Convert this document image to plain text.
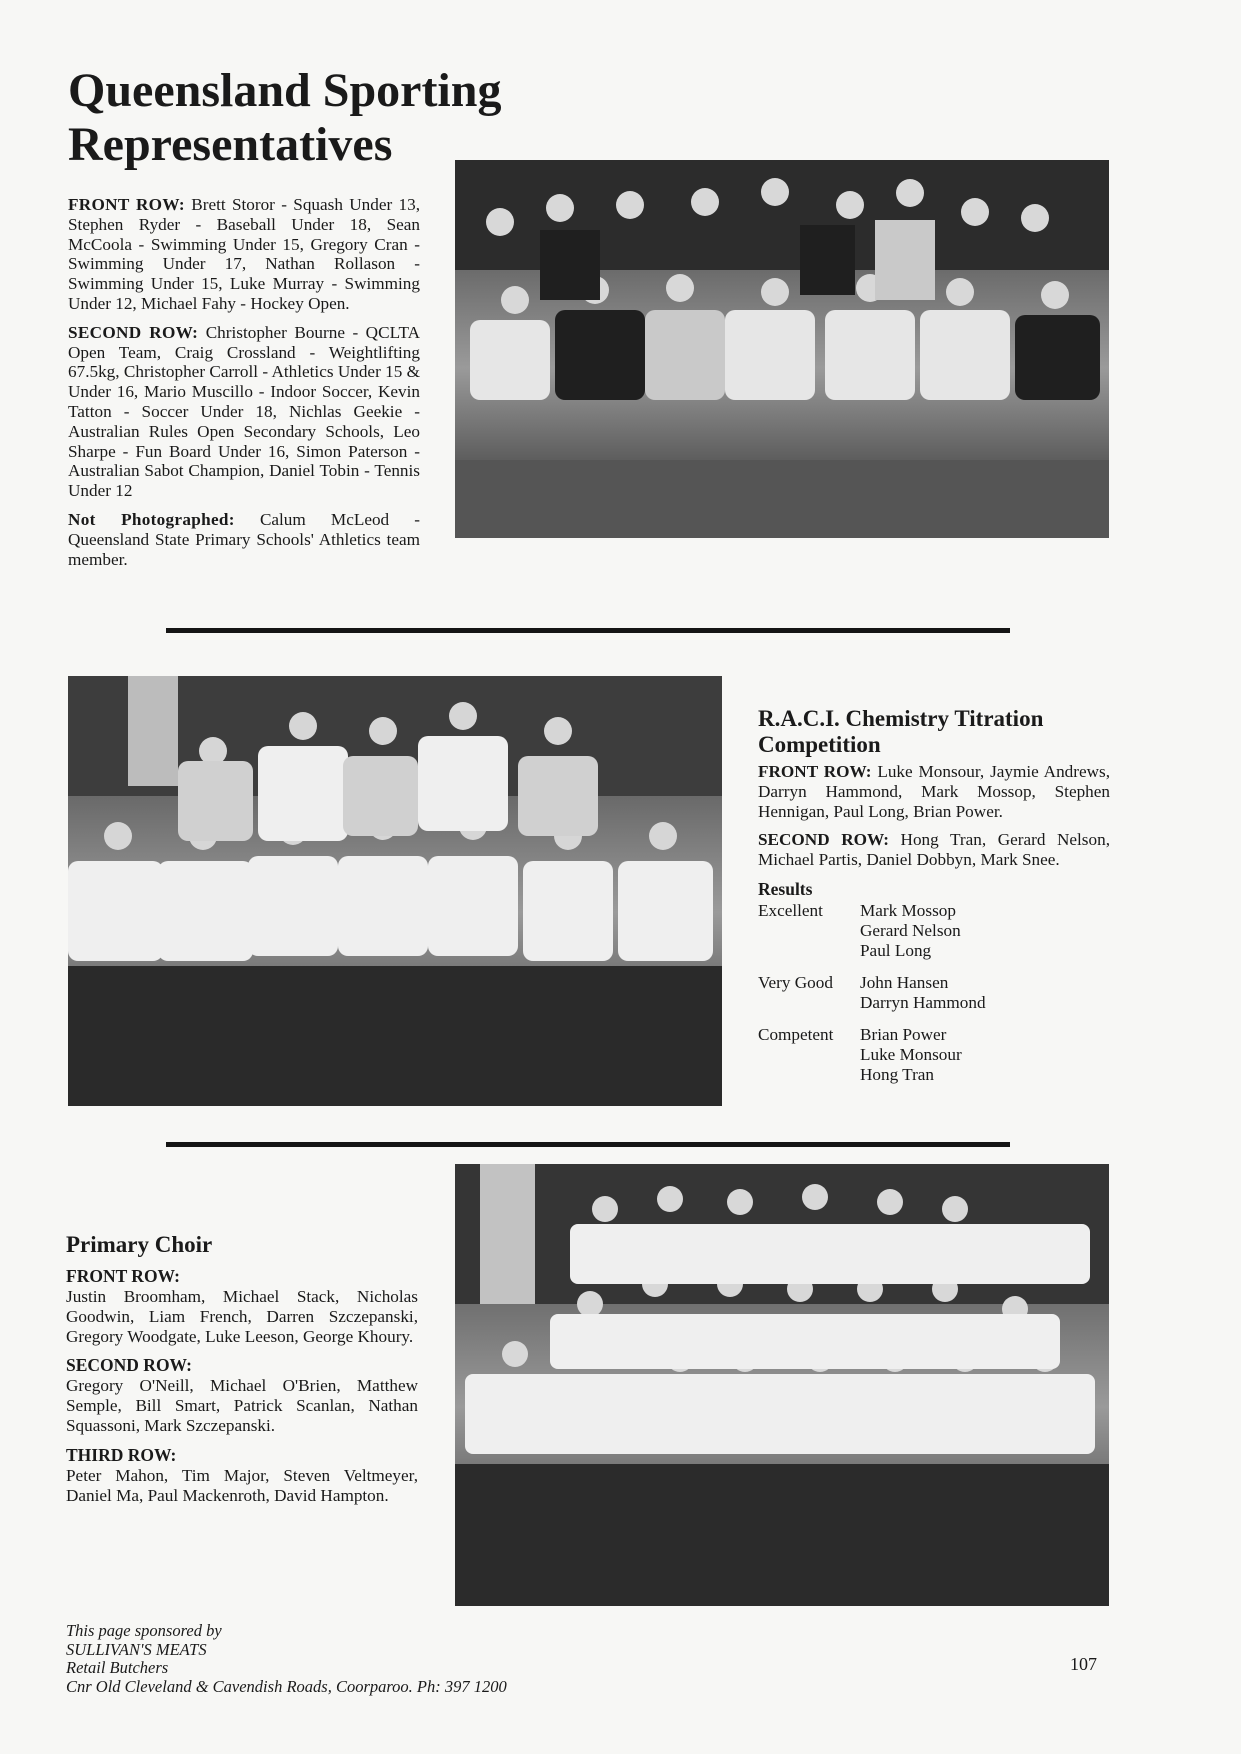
Queensland Sporting
Representatives

FRONT ROW: Brett Storor - Squash Under 13, Stephen Ryder - Baseball Under 18, Sean McCoola - Swimming Under 15, Gregory Cran - Swimming Under 17, Nathan Rollason - Swimming Under 15, Luke Murray - Swimming Under 12, Michael Fahy - Hockey Open.

SECOND ROW: Christopher Bourne - QCLTA Open Team, Craig Crossland - Weightlifting 67.5kg, Christopher Carroll - Athletics Under 15 & Under 16, Mario Muscillo - Indoor Soccer, Kevin Tatton - Soccer Under 18, Nichlas Geekie - Australian Rules Open Secondary Schools, Leo Sharpe - Fun Board Under 16, Simon Paterson - Australian Sabot Champion, Daniel Tobin - Tennis Under 12

Not Photographed: Calum McLeod - Queensland State Primary Schools' Athletics team member.

R.A.C.I. Chemistry Titration
Competition

FRONT ROW: Luke Monsour, Jaymie Andrews, Darryn Hammond, Mark Mossop, Stephen Hennigan, Paul Long, Brian Power.

SECOND ROW: Hong Tran, Gerard Nelson, Michael Partis, Daniel Dobbyn, Mark Snee.

Results
Excellent	Mark Mossop
Gerard Nelson
Paul Long
Very Good	John Hansen
Darryn Hammond
Competent	Brian Power
Luke Monsour
Hong Tran
Primary Choir
FRONT ROW:

Justin Broomham, Michael Stack, Nicholas Goodwin, Liam French, Darren Szczepanski, Gregory Woodgate, Luke Leeson, George Khoury.

SECOND ROW:

Gregory O'Neill, Michael O'Brien, Matthew Semple, Bill Smart, Patrick Scanlan, Nathan Squassoni, Mark Szczepanski.

THIRD ROW:

Peter Mahon, Tim Major, Steven Veltmeyer, Daniel Ma, Paul Mackenroth, David Hampton.

This page sponsored by
SULLIVAN'S MEATS
Retail Butchers
Cnr Old Cleveland & Cavendish Roads, Coorparoo. Ph: 397 1200
107
